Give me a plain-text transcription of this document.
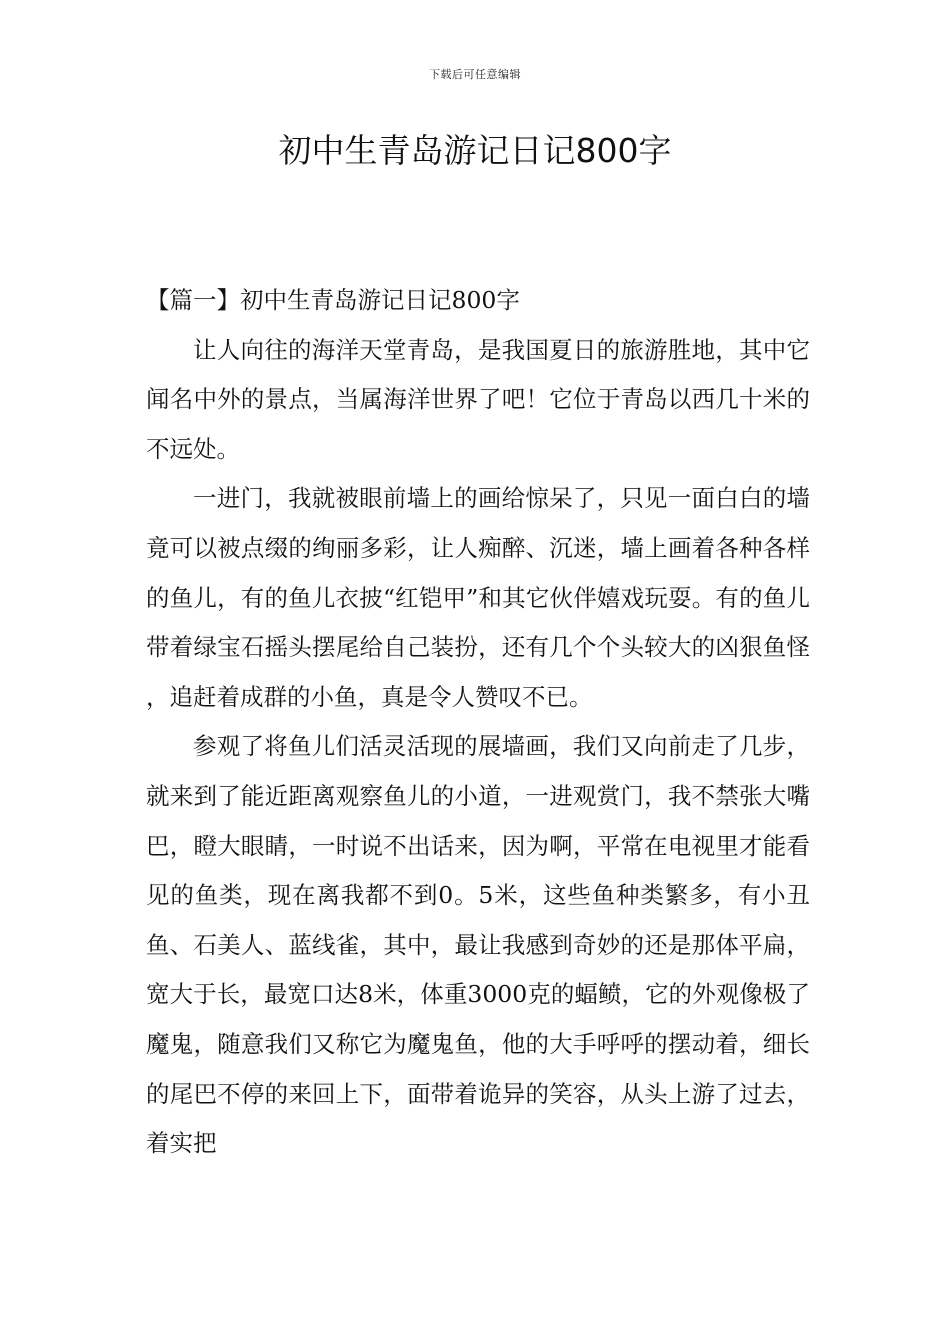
下载后可任意编辑
初中生青岛游记日记800字

【篇一】初中生青岛游记日记800字

让人向往的海洋天堂青岛，是我国夏日的旅游胜地，其中它闻名中外的景点，当属海洋世界了吧！它位于青岛以西几十米的不远处。

一进门，我就被眼前墙上的画给惊呆了，只见一面白白的墙竟可以被点缀的绚丽多彩，让人痴醉、沉迷，墙上画着各种各样的鱼儿，有的鱼儿衣披“红铠甲”和其它伙伴嬉戏玩耍。有的鱼儿带着绿宝石摇头摆尾给自己装扮，还有几个个头较大的凶狠鱼怪，追赶着成群的小鱼，真是令人赞叹不已。

参观了将鱼儿们活灵活现的展墙画，我们又向前走了几步，就来到了能近距离观察鱼儿的小道，一进观赏门，我不禁张大嘴巴，瞪大眼睛，一时说不出话来，因为啊，平常在电视里才能看见的鱼类，现在离我都不到0。5米，这些鱼种类繁多，有小丑鱼、石美人、蓝线雀，其中，最让我感到奇妙的还是那体平扁，宽大于长，最宽口达8米，体重3000克的蝠鲼，它的外观像极了魔鬼，随意我们又称它为魔鬼鱼，他的大手呼呼的摆动着，细长的尾巴不停的来回上下，面带着诡异的笑容，从头上游了过去，着实把
